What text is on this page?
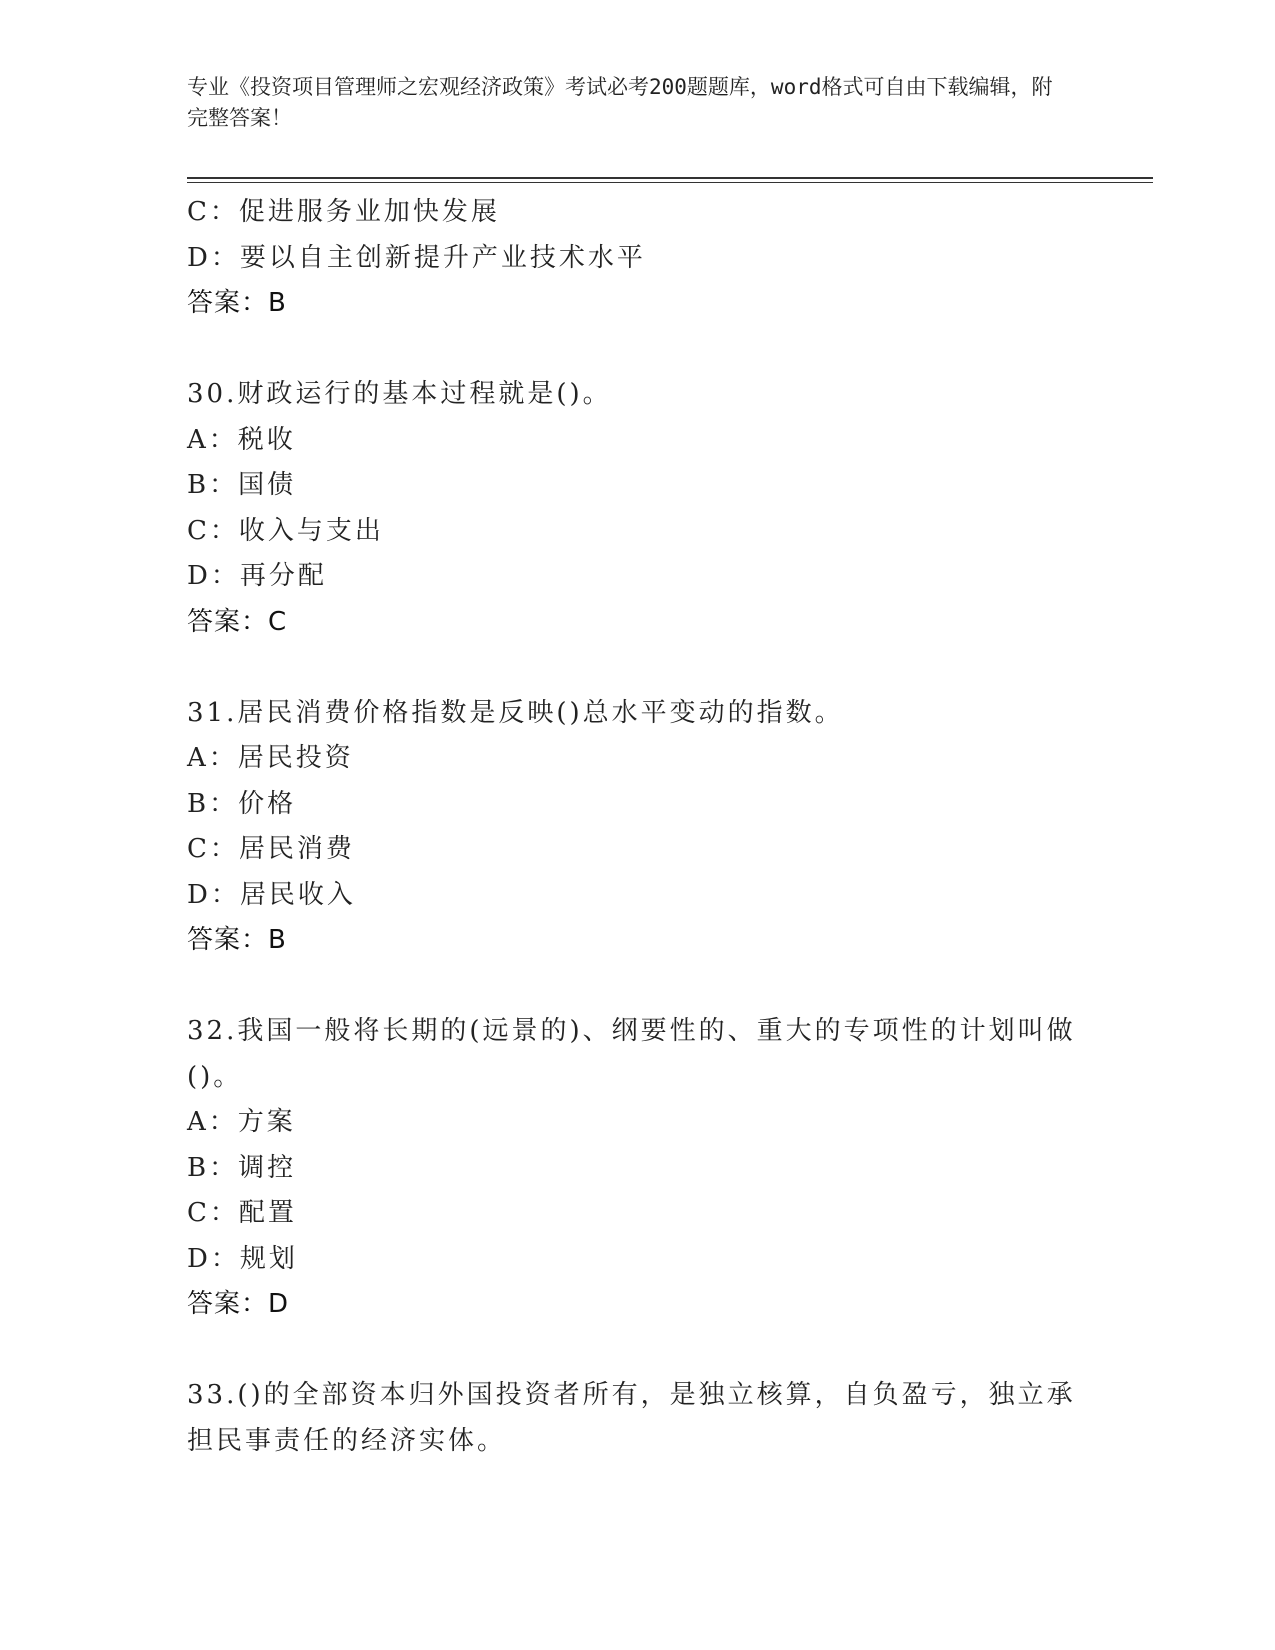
专业《投资项目管理师之宏观经济政策》考试必考200题题库，word格式可自由下载编辑，附完整答案！
C：促进服务业加快发展
D：要以自主创新提升产业技术水平
答案：B
30.财政运行的基本过程就是()。
A：税收
B：国债
C：收入与支出
D：再分配
答案：C
31.居民消费价格指数是反映()总水平变动的指数。
A：居民投资
B：价格
C：居民消费
D：居民收入
答案：B
32.我国一般将长期的(远景的)、纲要性的、重大的专项性的计划叫做()。
A：方案
B：调控
C：配置
D：规划
答案：D
33.()的全部资本归外国投资者所有，是独立核算，自负盈亏，独立承担民事责任的经济实体。
